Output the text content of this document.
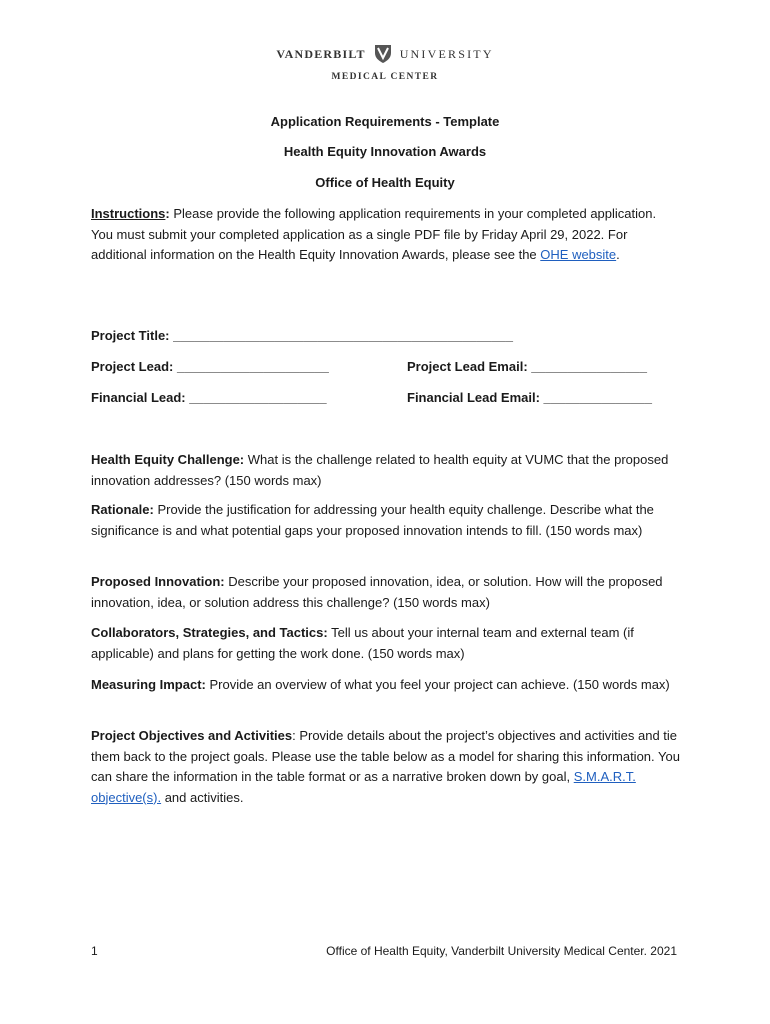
VANDERBILT	UNIVERSITY
MEDICAL CENTER
Application Requirements - Template
Health Equity Innovation Awards
Office of Health Equity
Instructions: Please provide the following application requirements in your completed application. You must submit your completed application as a single PDF file by Friday April 29, 2022. For additional information on the Health Equity Innovation Awards, please see the OHE website.
Project Title: _______________________________________________
Project Lead: _____________________	Project Lead Email: ________________
Financial Lead: ___________________	Financial Lead Email: _______________
Health Equity Challenge: What is the challenge related to health equity at VUMC that the proposed innovation addresses? (150 words max)
Rationale: Provide the justification for addressing your health equity challenge. Describe what the significance is and what potential gaps your proposed innovation intends to fill. (150 words max)
Proposed Innovation: Describe your proposed innovation, idea, or solution. How will the proposed innovation, idea, or solution address this challenge? (150 words max)
Collaborators, Strategies, and Tactics: Tell us about your internal team and external team (if applicable) and plans for getting the work done. (150 words max)
Measuring Impact: Provide an overview of what you feel your project can achieve. (150 words max)
Project Objectives and Activities: Provide details about the project’s objectives and activities and tie them back to the project goals. Please use the table below as a model for sharing this information. You can share the information in the table format or as a narrative broken down by goal, S.M.A.R.T. objective(s). and activities.
1	Office of Health Equity, Vanderbilt University Medical Center. 2021
